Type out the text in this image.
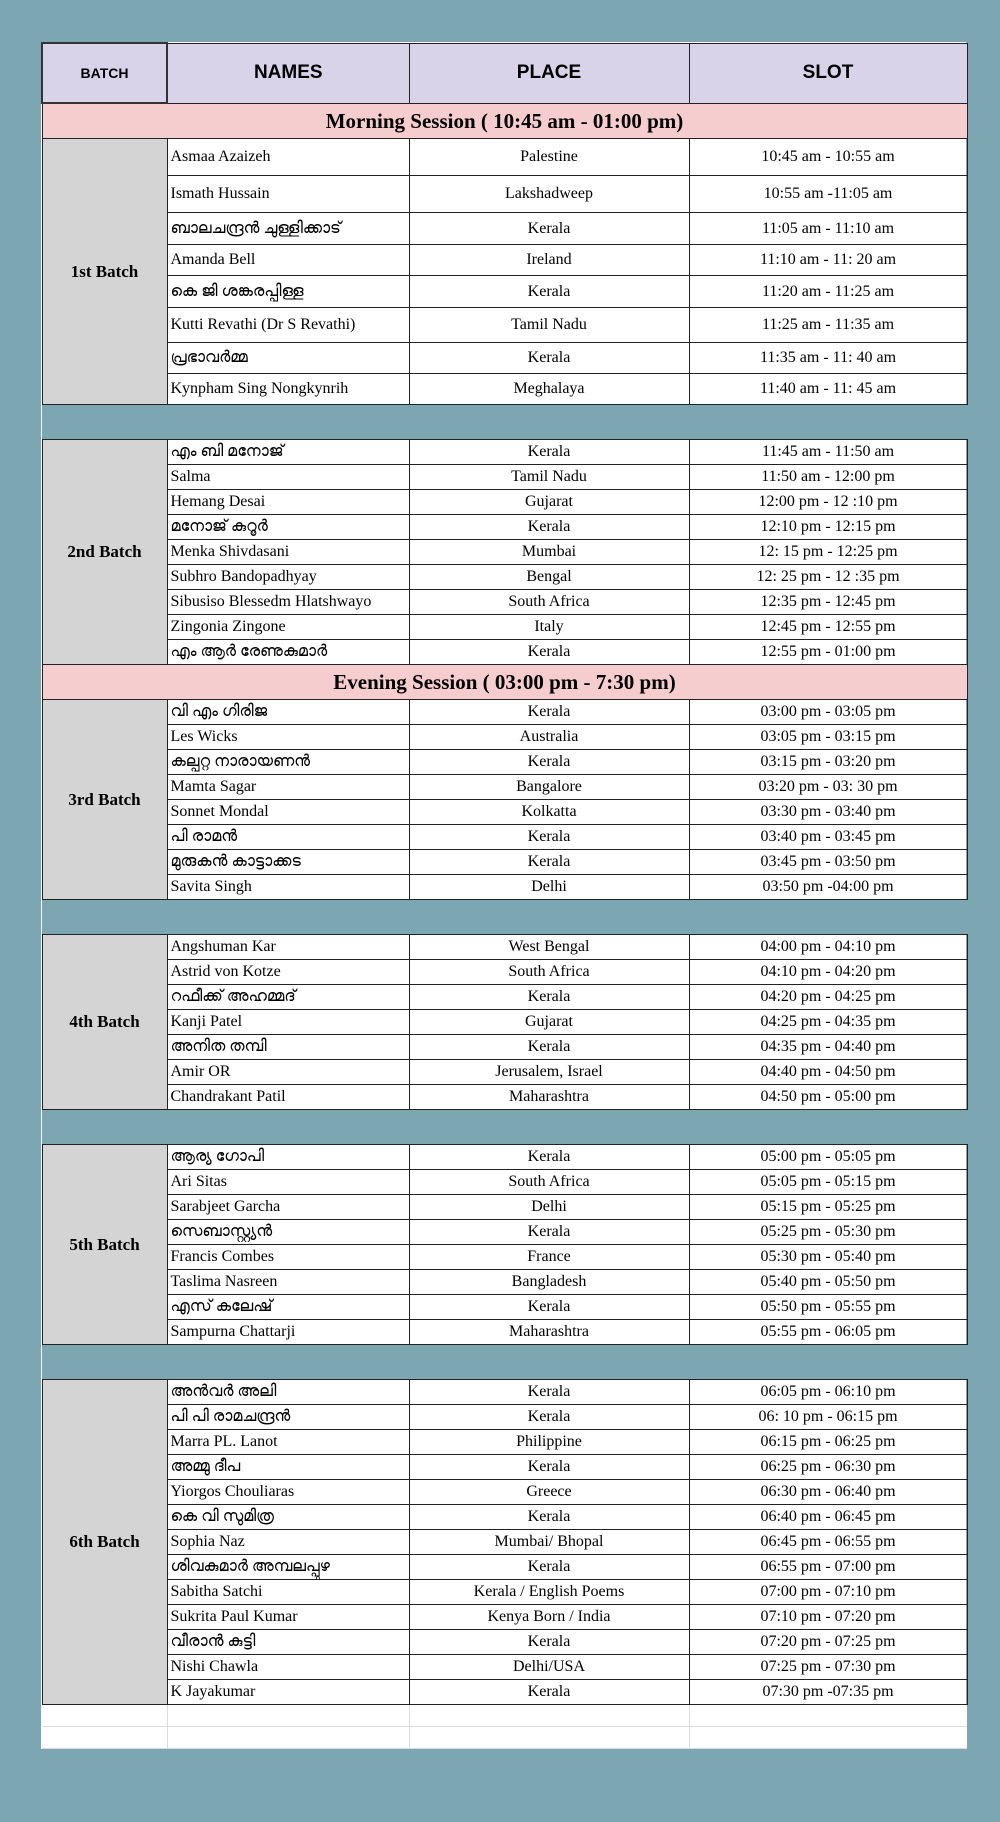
BATCH	NAMES	PLACE	SLOT
Morning Session ( 10:45 am - 01:00 pm)			
1st Batch	Asmaa Azaizeh	Palestine	10:45 am - 10:55 am
	Ismath Hussain	Lakshadweep	10:55 am -11:05 am
	ബാലചന്ദ്രൻ ചുള്ളിക്കാട്	Kerala	11:05 am - 11:10 am
	Amanda Bell	Ireland	11:10 am - 11: 20 am
	കെ ജി ശങ്കരപ്പിള്ള	Kerala	11:20 am - 11:25 am
	Kutti Revathi (Dr S Revathi)	Tamil Nadu	11:25 am - 11:35 am
	പ്രഭാവർമ്മ	Kerala	11:35 am - 11: 40 am
	Kynpham Sing Nongkynrih	Meghalaya	11:40 am - 11: 45 am

2nd Batch	എം ബി മനോജ്	Kerala	11:45 am - 11:50 am
	Salma	Tamil Nadu	11:50 am - 12:00 pm
	Hemang Desai	Gujarat	12:00 pm - 12 :10 pm
	മനോജ് കുറൂർ	Kerala	12:10 pm - 12:15 pm
	Menka Shivdasani	Mumbai	12: 15 pm - 12:25 pm
	Subhro Bandopadhyay	Bengal	12: 25 pm - 12 :35 pm
	Sibusiso Blessedm Hlatshwayo	South Africa	12:35 pm - 12:45 pm
	Zingonia Zingone	Italy	12:45 pm - 12:55 pm
	എം ആർ രേണുകുമാർ	Kerala	12:55 pm - 01:00 pm
Evening Session ( 03:00 pm - 7:30 pm)			
3rd Batch	വി എം ഗിരിജ	Kerala	03:00 pm - 03:05 pm
	Les Wicks	Australia	03:05 pm - 03:15 pm
	കല്പറ്റ നാരായണൻ	Kerala	03:15 pm - 03:20 pm
	Mamta Sagar	Bangalore	03:20 pm - 03: 30 pm
	Sonnet Mondal	Kolkatta	03:30 pm - 03:40 pm
	പി രാമൻ	Kerala	03:40 pm - 03:45 pm
	മുരുകൻ കാട്ടാക്കട	Kerala	03:45 pm - 03:50 pm
	Savita Singh	Delhi	03:50 pm -04:00 pm

4th Batch	Angshuman Kar	West Bengal	04:00 pm - 04:10 pm
	Astrid von Kotze	South Africa	04:10 pm - 04:20 pm
	റഫീക്ക് അഹമ്മദ്	Kerala	04:20 pm - 04:25 pm
	Kanji Patel	Gujarat	04:25 pm - 04:35 pm
	അനിത തമ്പി	Kerala	04:35 pm - 04:40 pm
	Amir OR	Jerusalem, Israel	04:40 pm - 04:50 pm
	Chandrakant Patil	Maharashtra	04:50 pm - 05:00 pm

5th Batch	ആര്യ ഗോപി	Kerala	05:00 pm - 05:05 pm
	Ari Sitas	South Africa	05:05 pm - 05:15 pm
	Sarabjeet Garcha	Delhi	05:15 pm - 05:25 pm
	സെബാസ്റ്റ്യൻ	Kerala	05:25 pm - 05:30 pm
	Francis Combes	France	05:30 pm - 05:40 pm
	Taslima Nasreen	Bangladesh	05:40 pm - 05:50 pm
	എസ് കലേഷ്	Kerala	05:50 pm - 05:55 pm
	Sampurna Chattarji	Maharashtra	05:55 pm - 06:05 pm

6th Batch	അൻവർ അലി	Kerala	06:05 pm - 06:10 pm
	പി പി രാമചന്ദ്രൻ	Kerala	06: 10 pm - 06:15 pm
	Marra PL. Lanot	Philippine	06:15 pm - 06:25 pm
	അമ്മു ദീപ	Kerala	06:25 pm - 06:30 pm
	Yiorgos Chouliaras	Greece	06:30 pm - 06:40 pm
	കെ വി സുമിത്ര	Kerala	06:40 pm - 06:45 pm
	Sophia Naz	Mumbai/ Bhopal	06:45 pm - 06:55 pm
	ശിവകുമാർ അമ്പലപ്പുഴ	Kerala	06:55 pm - 07:00 pm
	Sabitha Satchi	Kerala / English Poems	07:00 pm - 07:10 pm
	Sukrita Paul Kumar	Kenya Born / India	07:10 pm - 07:20 pm
	വീരാൻ കുട്ടി	Kerala	07:20 pm - 07:25 pm
	Nishi Chawla	Delhi/USA	07:25 pm - 07:30 pm
	K Jayakumar	Kerala	07:30 pm -07:35 pm
